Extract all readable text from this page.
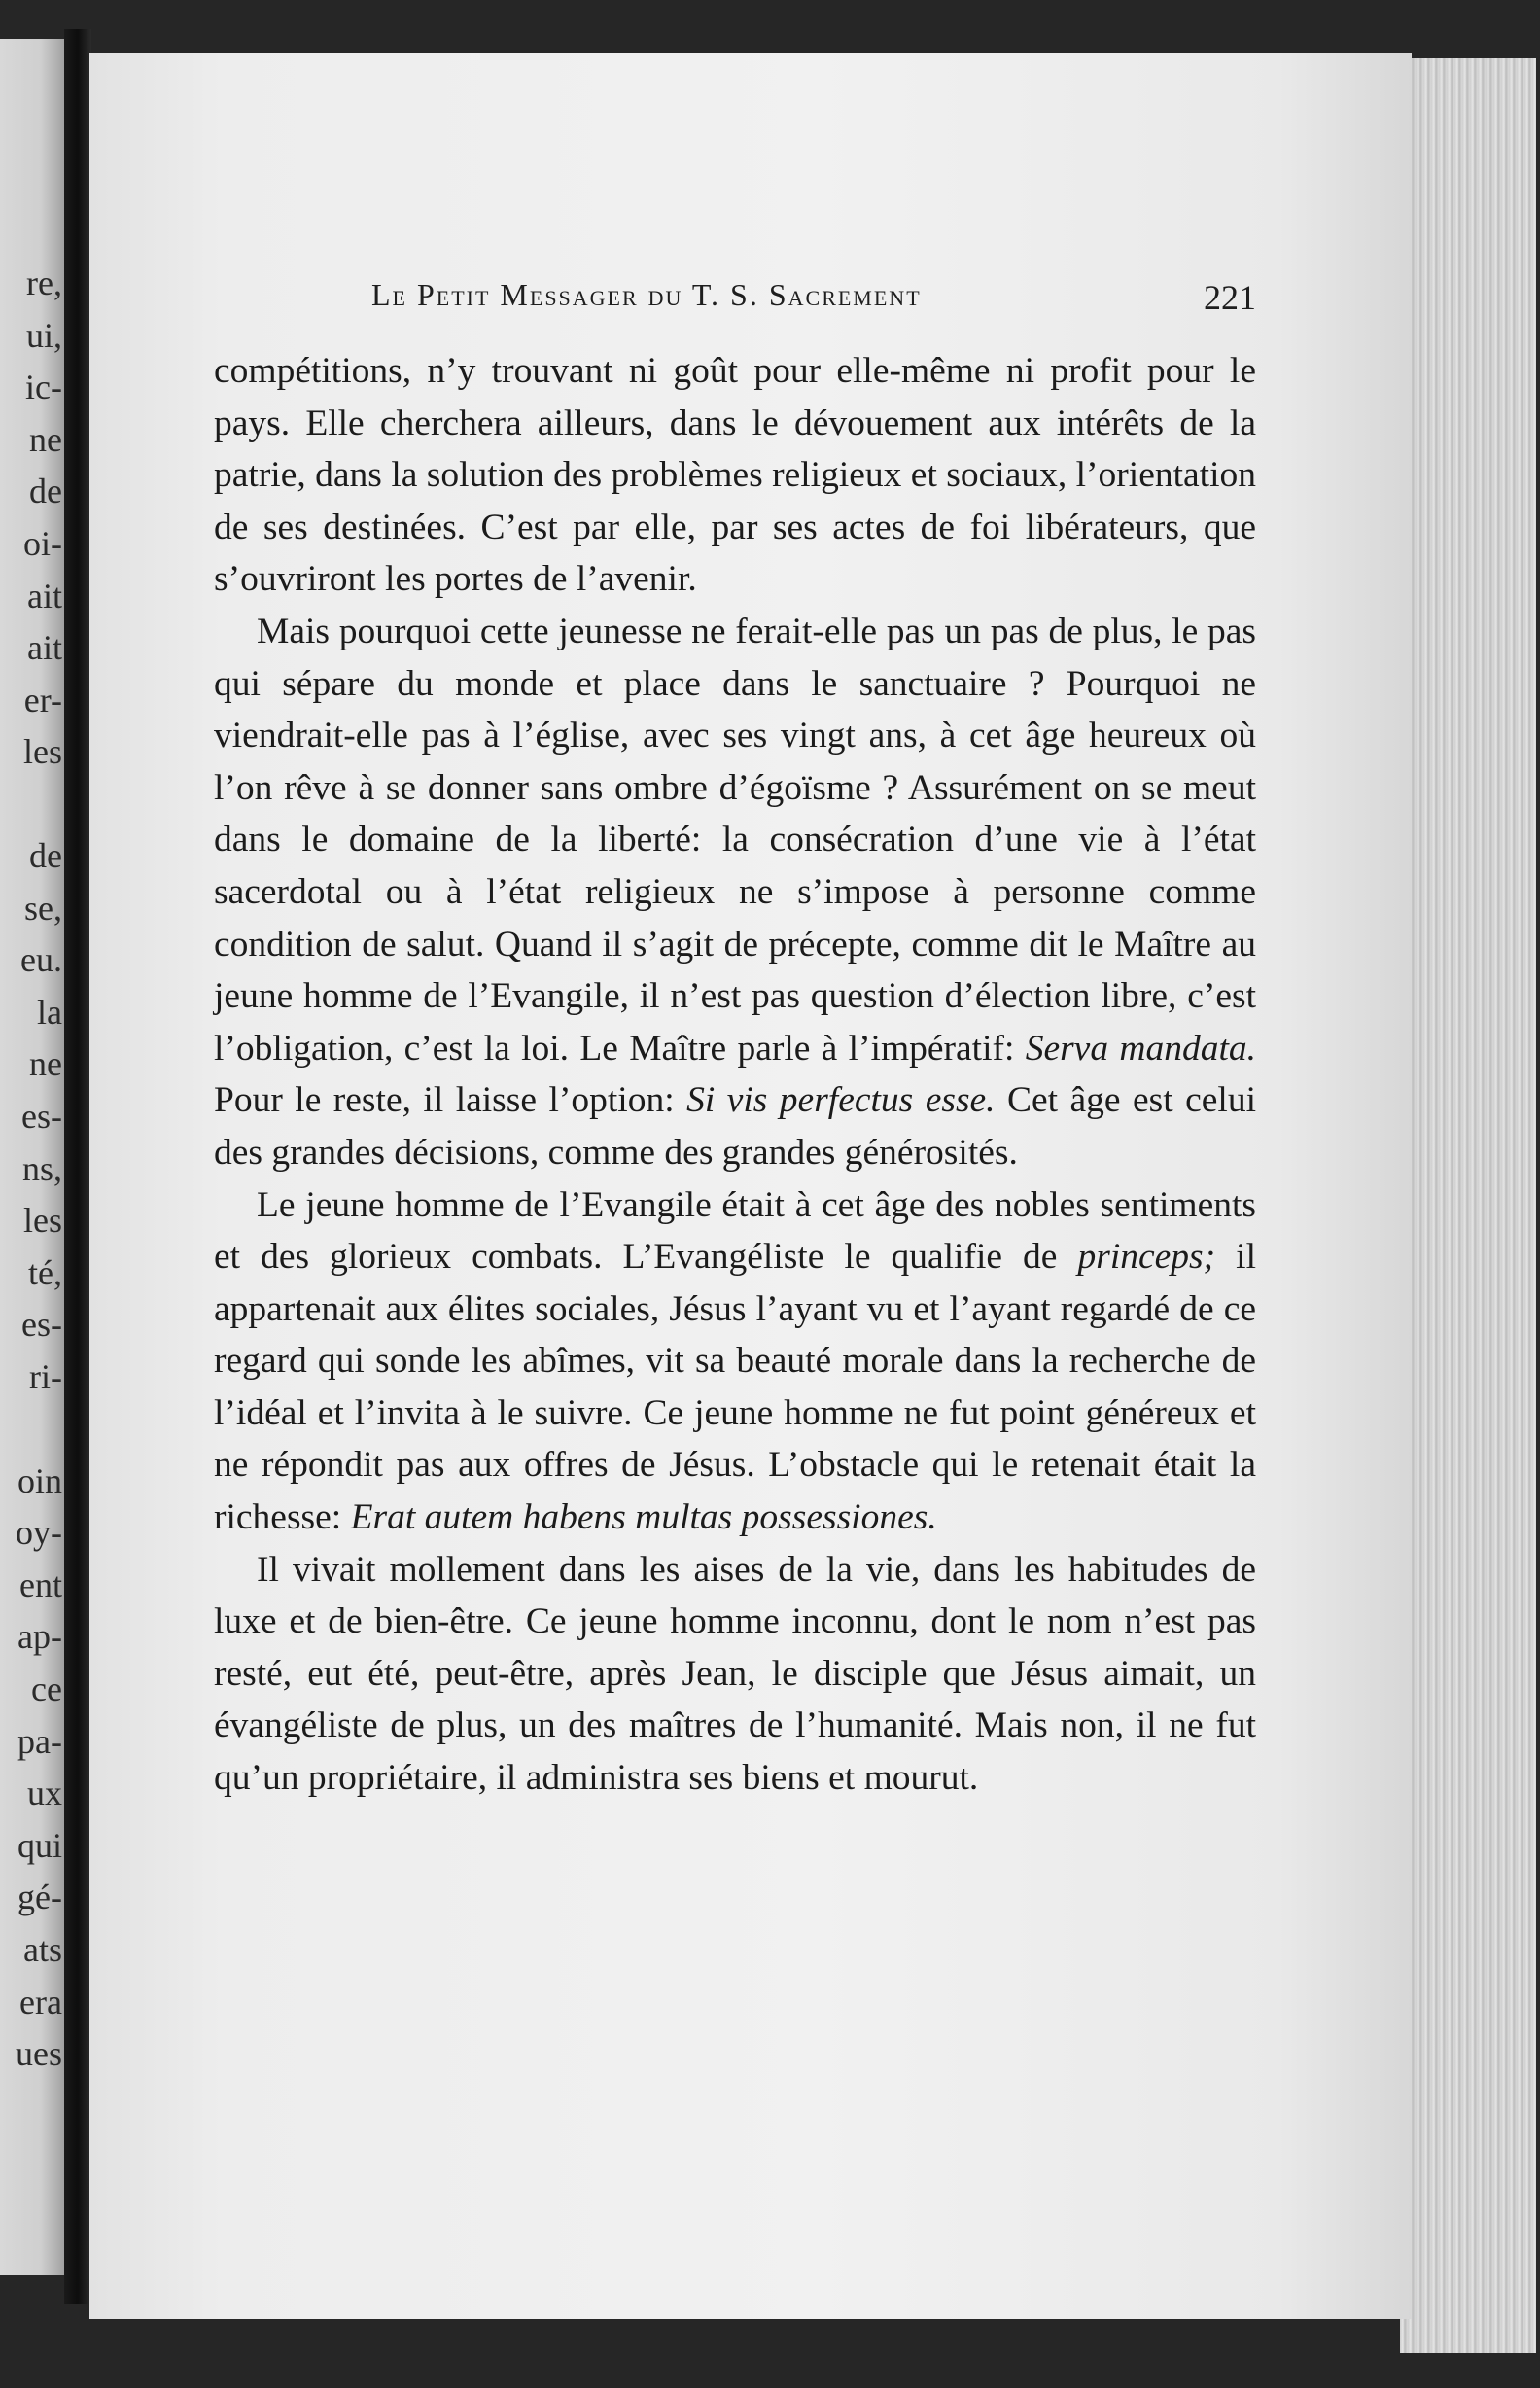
re,
ui,
ic-
ne
de
oi-
ait
ait
er-
les
de
se,
eu.
la
ne
es-
ns,
les
té,
es-
ri-
oin
oy-
ent
ap-
ce
pa-
ux
qui
gé-
ats
era
ues
Le Petit Messager du T. S. Sacrement	221

compétitions, n’y trouvant ni goût pour elle-même ni profit pour le pays. Elle cherchera ailleurs, dans le dévouement aux intérêts de la patrie, dans la solution des problèmes religieux et sociaux, l’orientation de ses destinées. C’est par elle, par ses actes de foi libérateurs, que s’ouvriront les portes de l’avenir.

Mais pourquoi cette jeunesse ne ferait-elle pas un pas de plus, le pas qui sépare du monde et place dans le sanctuaire ? Pourquoi ne viendrait-elle pas à l’église, avec ses vingt ans, à cet âge heureux où l’on rêve à se donner sans ombre d’égoïsme ? Assurément on se meut dans le domaine de la liberté: la consécration d’une vie à l’état sacerdotal ou à l’état religieux ne s’impose à personne comme condition de salut. Quand il s’agit de précepte, comme dit le Maître au jeune homme de l’Evangile, il n’est pas question d’élection libre, c’est l’obligation, c’est la loi. Le Maître parle à l’impératif: Serva mandata. Pour le reste, il laisse l’option: Si vis perfectus esse. Cet âge est celui des grandes décisions, comme des grandes générosités.

Le jeune homme de l’Evangile était à cet âge des nobles sentiments et des glorieux combats. L’Evangéliste le qualifie de princeps; il appartenait aux élites sociales, Jésus l’ayant vu et l’ayant regardé de ce regard qui sonde les abîmes, vit sa beauté morale dans la recherche de l’idéal et l’invita à le suivre. Ce jeune homme ne fut point généreux et ne répondit pas aux offres de Jésus. L’obstacle qui le retenait était la richesse: Erat autem habens multas possessiones.

Il vivait mollement dans les aises de la vie, dans les habitudes de luxe et de bien-être. Ce jeune homme inconnu, dont le nom n’est pas resté, eut été, peut-être, après Jean, le disciple que Jésus aimait, un évangéliste de plus, un des maîtres de l’humanité. Mais non, il ne fut qu’un propriétaire, il administra ses biens et mourut.
